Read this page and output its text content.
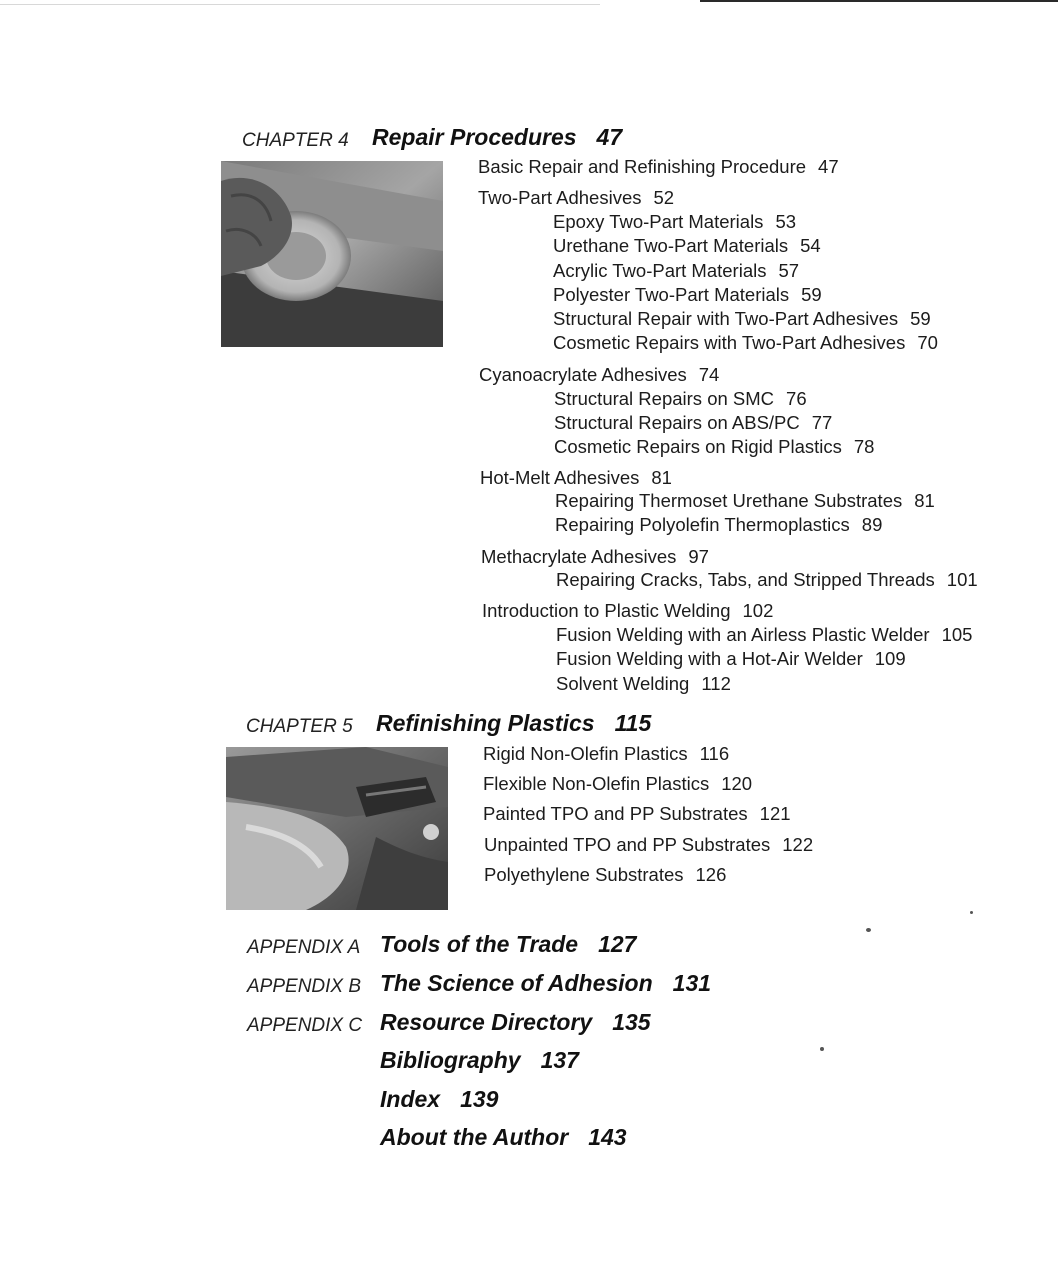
CHAPTER 4 Repair Procedures 47
Basic Repair and Refinishing Procedure 47
Two-Part Adhesives 52
Epoxy Two-Part Materials 53
Urethane Two-Part Materials 54
Acrylic Two-Part Materials 57
Polyester Two-Part Materials 59
Structural Repair with Two-Part Adhesives 59
Cosmetic Repairs with Two-Part Adhesives 70
Cyanoacrylate Adhesives 74
Structural Repairs on SMC 76
Structural Repairs on ABS/PC 77
Cosmetic Repairs on Rigid Plastics 78
Hot-Melt Adhesives 81
Repairing Thermoset Urethane Substrates 81
Repairing Polyolefin Thermoplastics 89
Methacrylate Adhesives 97
Repairing Cracks, Tabs, and Stripped Threads 101
Introduction to Plastic Welding 102
Fusion Welding with an Airless Plastic Welder 105
Fusion Welding with a Hot-Air Welder 109
Solvent Welding 112
CHAPTER 5 Refinishing Plastics 115
Rigid Non-Olefin Plastics 116
Flexible Non-Olefin Plastics 120
Painted TPO and PP Substrates 121
Unpainted TPO and PP Substrates 122
Polyethylene Substrates 126
APPENDIX A Tools of the Trade 127
APPENDIX B The Science of Adhesion 131
APPENDIX C Resource Directory 135
Bibliography 137
Index 139
About the Author 143
